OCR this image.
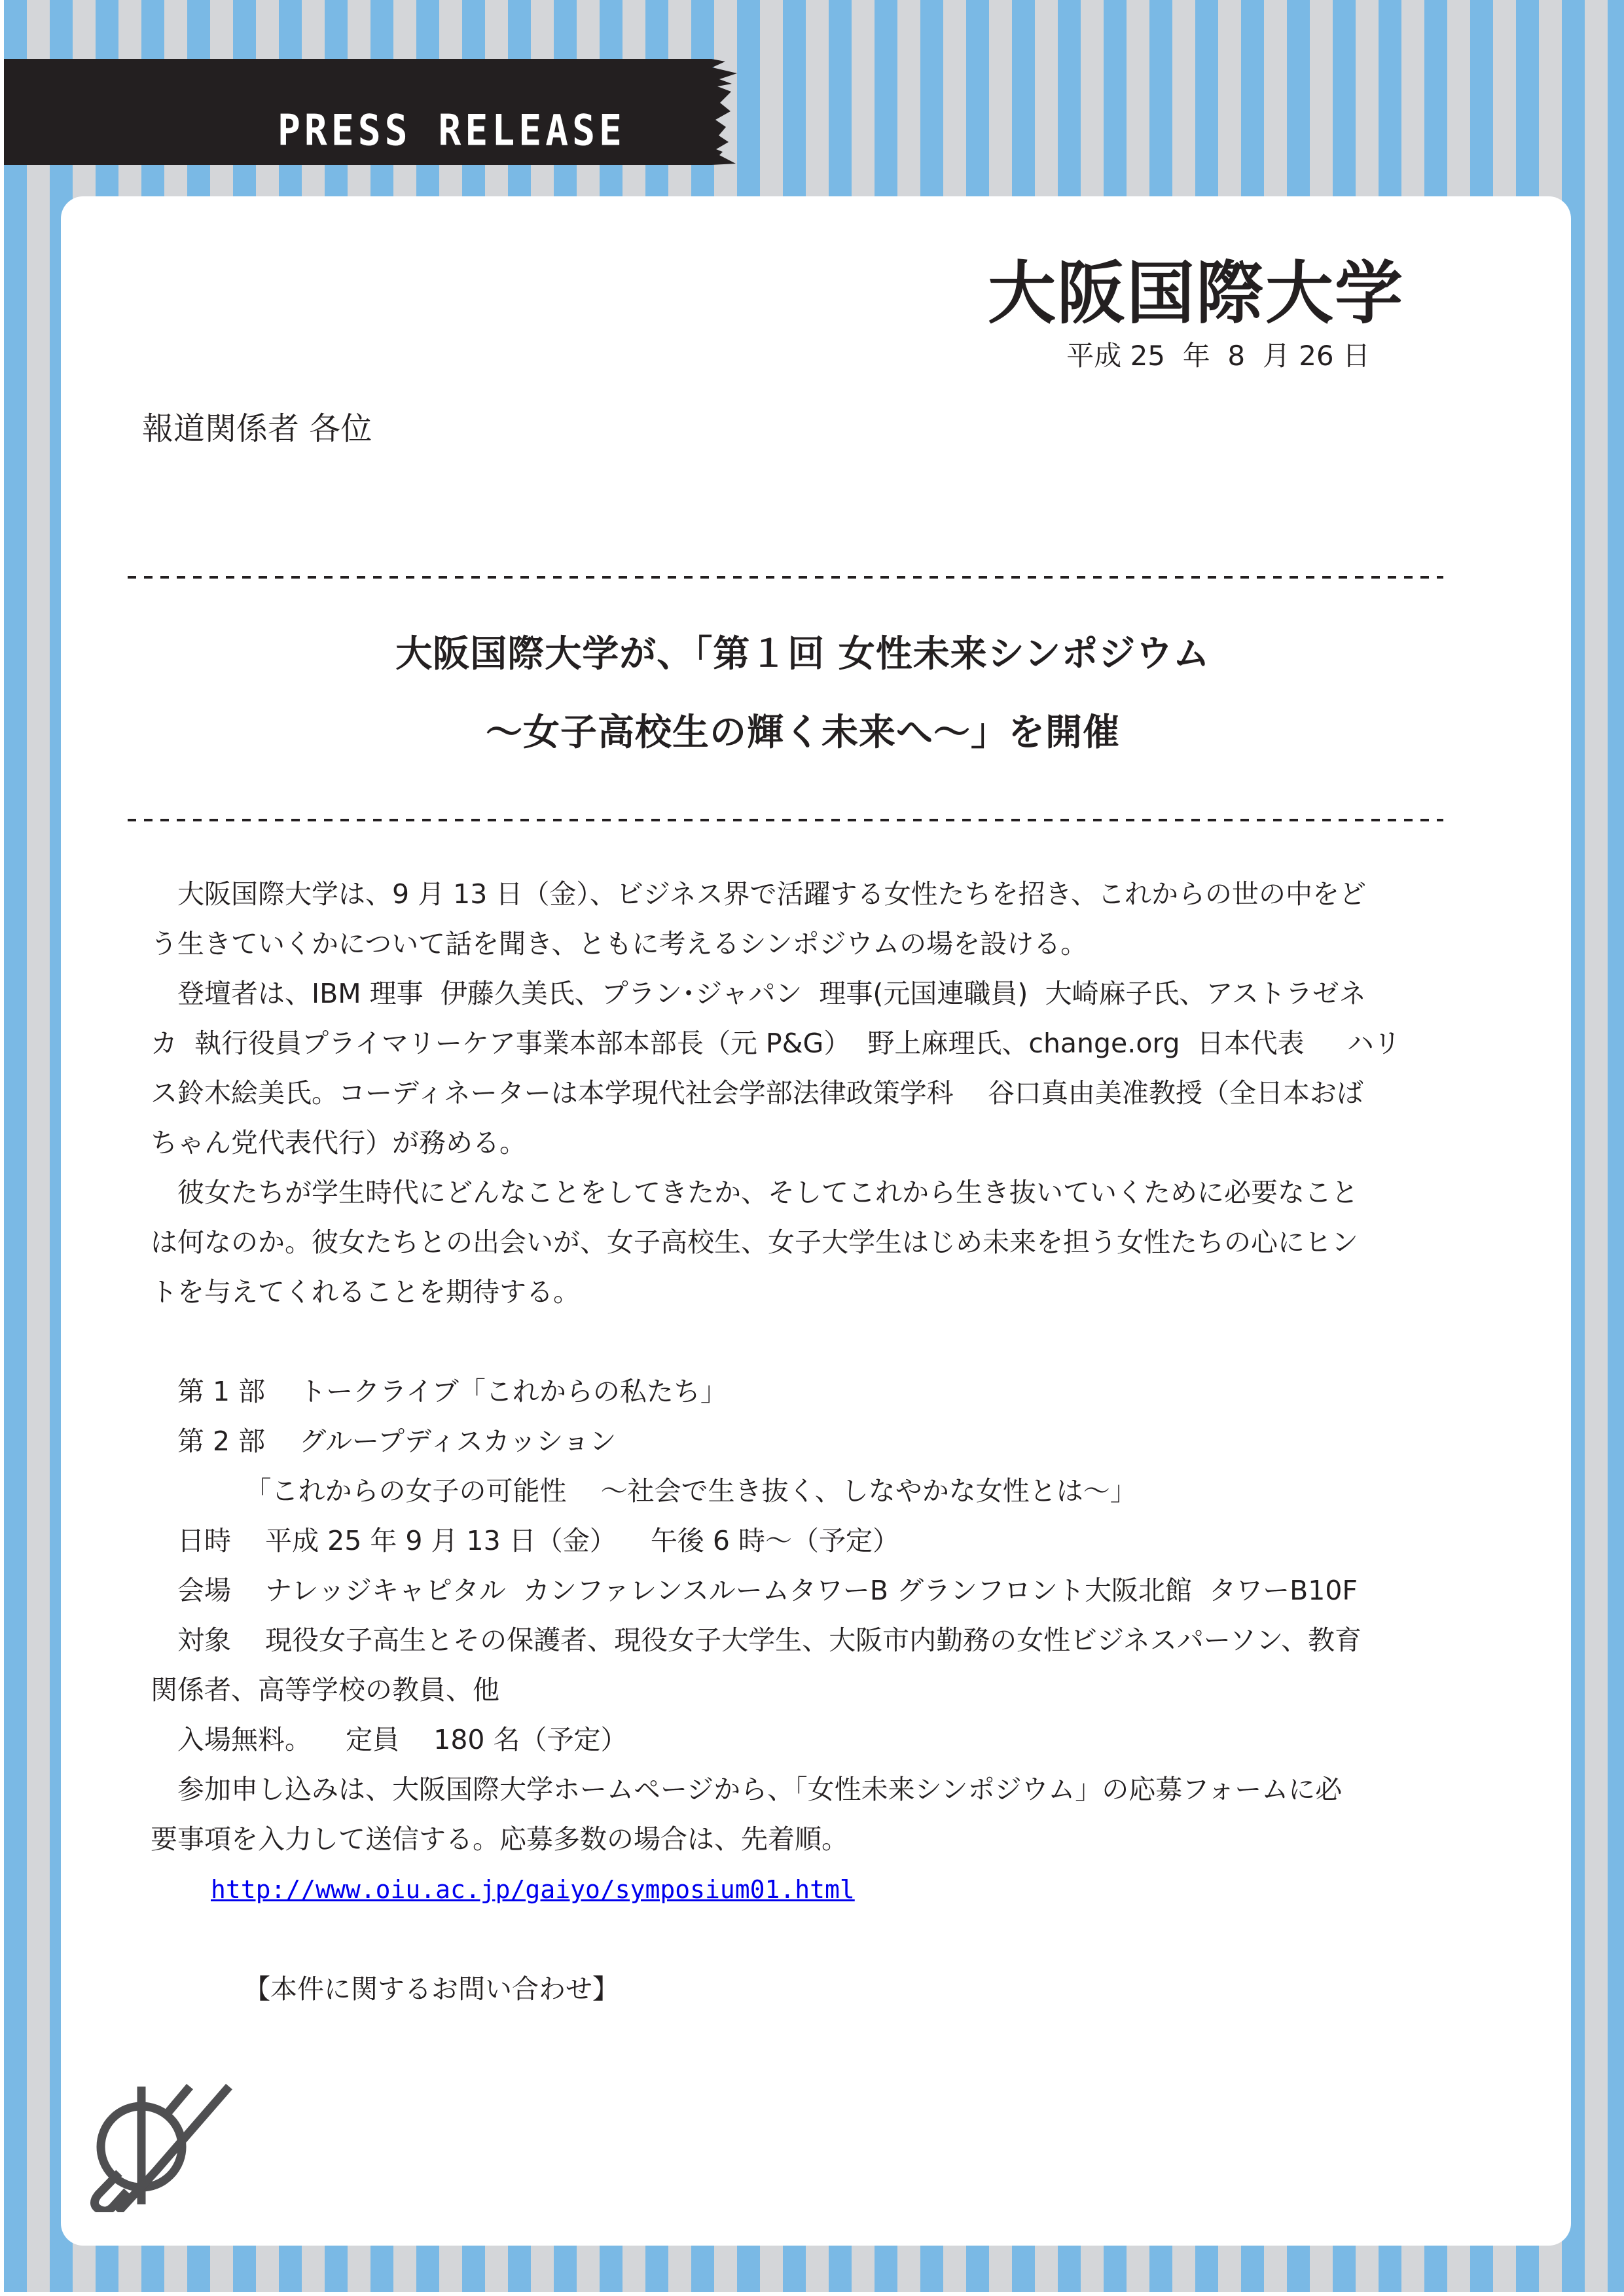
PRESS RELEASE
大阪国際大学
平成 25  年  8  月 26 日
報道関係者 各位
大阪国際大学が、「第１回 女性未来シンポジウム
～女子高校生の輝く未来へ～」を開催

　大阪国際大学は、9 月 13 日（金）、ビジネス界で活躍する女性たちを招き、これからの世の中をど

う生きていくかについて話を聞き、ともに考えるシンポジウムの場を設ける。

　登壇者は、IBM 理事  伊藤久美氏、プラン･ジャパン  理事(元国連職員)  大崎麻子氏、アストラゼネ

カ  執行役員プライマリーケア事業本部本部長（元 P&G）  野上麻理氏、change.org  日本代表     ハリ

ス鈴木絵美氏。コーディネーターは本学現代社会学部法律政策学科    谷口真由美准教授（全日本おば

ちゃん党代表代行）が務める。

　彼女たちが学生時代にどんなことをしてきたか、そしてこれから生き抜いていくために必要なこと

は何なのか。彼女たちとの出会いが、女子高校生、女子大学生はじめ未来を担う女性たちの心にヒン

トを与えてくれることを期待する。

　第 1 部    トークライブ「これからの私たち」

　第 2 部    グループディスカッション

　　　　「これからの女子の可能性    ～社会で生き抜く、しなやかな女性とは～」

　日時    平成 25 年 9 月 13 日（金）    午後 6 時～（予定）

　会場    ナレッジキャピタル  カンファレンスルームタワーB グランフロント大阪北館  タワーB10F

　対象    現役女子高生とその保護者、現役女子大学生、大阪市内勤務の女性ビジネスパーソン、教育

関係者、高等学校の教員、他

　入場無料。    定員    180 名（予定）

　参加申し込みは、大阪国際大学ホームページから、「女性未来シンポジウム」の応募フォームに必

要事項を入力して送信する。応募多数の場合は、先着順。

http://www.oiu.ac.jp/gaiyo/symposium01.html

【本件に関するお問い合わせ】
